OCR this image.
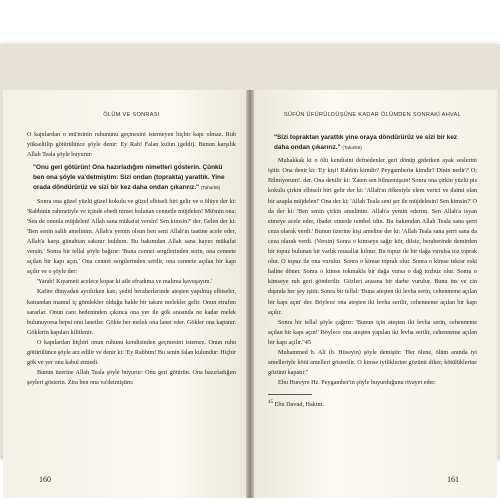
ÖLÜM VE SONRASI

O kapılardan o mü'minin ruhununu geçmesini istemeyen hiçbir kapı olmaz. Ruh yükseltilip götürülünce şöyle denir: Ey Rab! Falan kulun (geldi). Bunun karşılık Allah Teala şöyle buyurur:

"Onu geri götürün! Ona hazırladığım nimetleri gösterin. Çünkü ben ona şöyle va'detmiştim: Sizi ondan (toprakta) yarattık. Yine orada döndürürüz ve sizi bir kez daha ondan çıkarırız." (Taha/55)

Sonra ona güzel yüzlü güzel kokulu ve güzel elbiseli biri gelir ve o ölüye der ki: 'Rabbinin rahmetiyle ve içinde ebedi nimet bulunan cennetle müjdelen! Mü'min ona; 'Sen de onunla müjdelen! Allah sana mükafat versin! Sen kimsin?' der. Gelen der ki: 'Ben senin salih amelinim. Allah'a yemin olsun ben seni Allah'ın taatine acele eder, Allah'a karşı günahtan sakınır buldum. Bu bakımdan Allah sana hayırı mükafat versin.' Sonra bir tellal şöyle bağırır: 'Buna cennet sergilerinden serin, ona cennete açılan bir kapı açın.' Ona cennet sergilerinden serilir, ona cennete açılan bir kapı açılır ve o şöyle der:

'Yarab! Kıyameti acelece kopar ki aile efradıma ve malıma kavuşayım.'

Kafire dünyadan ayrılırken katı, şedid beraberlerinde ateşten yapılmış elbiseler, katrandan mamul iç gömlekler olduğu halde bir takım melekler gelir. Onun etrafını sararlar. Onun canı bedeninden çıkınca ona yer ile gök arasında ne kadar melek bulunuyorsa hepsi onu lanetler. Gökte her melek ona lanet eder. Gökler ona kapanır. Göklerin kapıları kilitlenir.

O kapılardan hiçbiri onun ruhunu kendisinden geçmesini istemez. Onun ruhu götürülünce şöyle arz edilir ve denir ki: 'Ey Rabbim! Bu senin falan kulundur: Hiçbir gök ve yer onu kabul etmedi.

Bunun üzerine Allah Teala şöyle buyurur: Onu geri götürün. Ona hazırladığım şeyleri gösterin. Zira ben ona va'detmiştim:

160
SÜFÜN ÜFÜRÜLDÜŞÜNE KADAR ÖLÜMDEN SONRAKİ AHVAL

"Sizi topraktan yarattık yine oraya döndürürüz ve sizi bir kez daha ondan çıkarırız." (Taha/55)

Muhakkak ki o ölü kendisini defnedenler geri dönüp giderken ayak seslerini işitir. Ona denir ki: 'Ey kişi! Rabbin kimdir? Peygamberin kimdir? Dinin nedir?' O; Bilmiyorum!. der. Ona denilir ki: 'Zaten sen bilmemişsin! Sonra ona çirkin yüzlü pis kokulu çirkin elbiseli biri gelir der ki: 'Allah'ın öfkesiyle elem verici ve daimi olan bir azapla müjdelen!' Ona der ki; 'Allah Teala seni şer ile müjdelesin! Sen kimsin?' O da der ki: 'Ben senin çirkin amelinim. Allah'a yemin ederim. Sen Allah'a isyan etmeye acele eder, ibadet etmede tembel idin. Bu bakımdan Allah Teala sana şerri ceza olarak verdi.' Bunun üzerine kişi ameline der ki: 'Allah Teala sana şerri sana da ceza olarak verdi. (Versin) Sonra o kimseye sağır kör, dilsiz, beraberinde demirden bir topuz bulunan bir varlık musallat kılınır. Bu topuz ile bir dağa vurulsa toz toprak olur. O topuz ile ona vurulur. Sonra o kimse toprak olur. Sonra o kimse tekrar eski haline döner. Sonra o kimse tokmakla bir dağa vursa o dağ tozbuz olur. Sonra o kimseye ruh geri gönderilir. Gözleri arasına bir darbe vurulur. Bunu ins ve cin dışında her şey işitir. Sonra bir tellal: 'Buna ateşten iki levha serin, cehenneme açılan bir kapı açın' der. Böylece ona ateşten iki levha serilir, cehenneme açılan bir kapı açılır.

Sonra bir tellal şöyle çağırır: 'Bunun için ateşten iki levha serin, cehenneme açılan bir kapı açın!' Böylece ona ateşten yapılan iki levha serilir, cehenneme açılan bir kapı açılır."45

Muhammed b. Ali (b. Hüseyin) şöyle demiştir: 'Her ölene, ölüm anında iyi amelleriyle kötü amelleri gösterilir. O kimse iyiliklerine gözünü diker, kötülüklerine gözünü kapatır."

Ebu Hureyre Hz. Peygamber'in şöyle buyurduğunu rivayet eder:

$^{45}$ Ebu Davud, Hakim.

161
